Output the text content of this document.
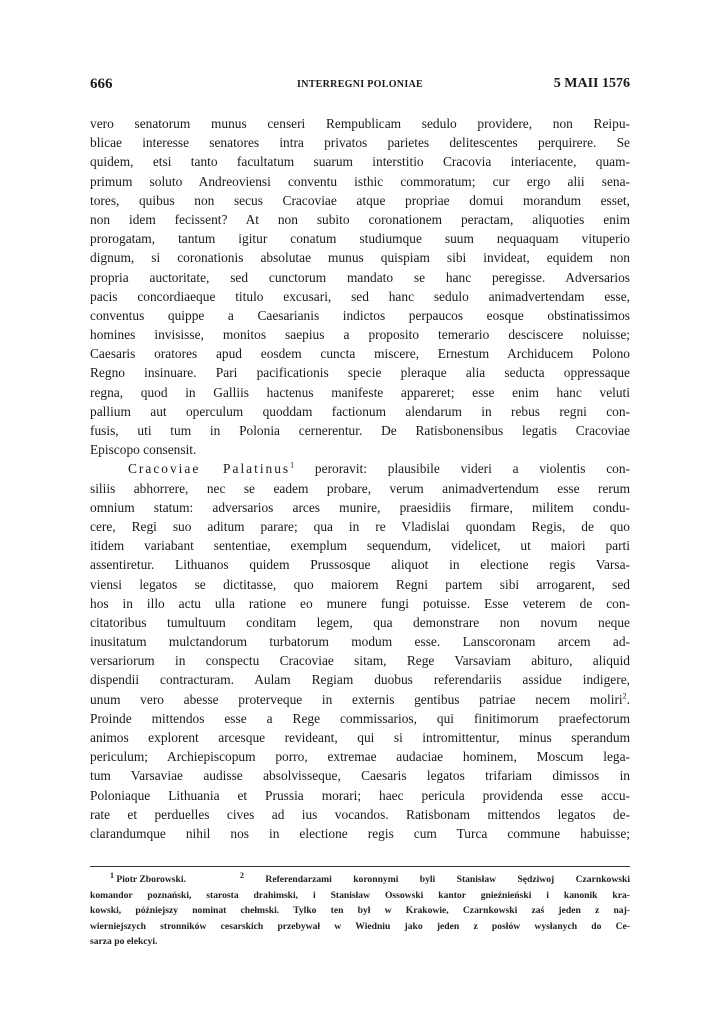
666	INTERREGNI POLONIAE	5 MAII 1576
vero senatorum munus censeri Rempublicam sedulo providere, non Reipu-
blicae interesse senatores intra privatos parietes delitescentes perquirere. Se
quidem, etsi tanto facultatum suarum interstitio Cracovia interiacente, quam-
primum soluto Andreoviensi conventu isthic commoratum; cur ergo alii sena-
tores, quibus non secus Cracoviae atque propriae domui morandum esset,
non idem fecissent? At non subito coronationem peractam, aliquoties enim
prorogatam, tantum igitur conatum studiumque suum nequaquam vituperio
dignum, si coronationis absolutae munus quispiam sibi invideat, equidem non
propria auctoritate, sed cunctorum mandato se hanc peregisse. Adversarios
pacis concordiaeque titulo excusari, sed hanc sedulo animadvertendam esse,
conventus quippe a Caesarianis indictos perpaucos eosque obstinatissimos
homines invisisse, monitos saepius a proposito temerario desciscere noluisse;
Caesaris oratores apud eosdem cuncta miscere, Ernestum Archiducem Polono
Regno insinuare. Pari pacificationis specie pleraque alia seducta oppressaque
regna, quod in Galliis hactenus manifeste appareret; esse enim hanc veluti
pallium aut operculum quoddam factionum alendarum in rebus regni con-
fusis, uti tum in Polonia cernerentur. De Ratisbonensibus legatis Cracoviae
Episcopo consensit.
Cracoviae Palatinus$^1$ peroravit: plausibile videri a violentis con-
siliis abhorrere, nec se eadem probare, verum animadvertendum esse rerum
omnium statum: adversarios arces munire, praesidiis firmare, militem condu-
cere, Regi suo aditum parare; qua in re Vladislai quondam Regis, de quo
itidem variabant sententiae, exemplum sequendum, videlicet, ut maiori parti
assentiretur. Lithuanos quidem Prussosque aliquot in electione regis Varsa-
viensi legatos se dictitasse, quo maiorem Regni partem sibi arrogarent, sed
hos in illo actu ulla ratione eo munere fungi potuisse. Esse veterem de con-
citatoribus tumultuum conditam legem, qua demonstrare non novum neque
inusitatum mulctandorum turbatorum modum esse. Lanscoronam arcem ad-
versariorum in conspectu Cracoviae sitam, Rege Varsaviam abituro, aliquid
dispendii contracturam. Aulam Regiam duobus referendariis assidue indigere,
unum vero abesse proterveque in externis gentibus patriae necem moliri$^2$.
Proinde mittendos esse a Rege commissarios, qui finitimorum praefectorum
animos explorent arcesque revideant, qui si intromittentur, minus sperandum
periculum; Archiepiscopum porro, extremae audaciae hominem, Moscum lega-
tum Varsaviae audisse absolvisseque, Caesaris legatos trifariam dimissos in
Poloniaque Lithuania et Prussia morari; haec pericula providenda esse accu-
rate et perduelles cives ad ius vocandos. Ratisbonam mittendos legatos de-
clarandumque nihil nos in electione regis cum Turca commune habuisse;
$^1$ Piotr Zborowski.	$^2$ Referendarzami koronnymi byli Stanisław Sędziwoj Czarnkowski
komandor poznański, starosta drahimski, i Stanisław Ossowski kantor gnieźnieński i kanonik kra-
kowski, późniejszy nominat chełmski. Tylko ten był w Krakowie, Czarnkowski zaś jeden z naj-
wierniejszych stronników cesarskich przebywał w Wiedniu jako jeden z posłów wysłanych do Ce-
sarza po elekcyi.
